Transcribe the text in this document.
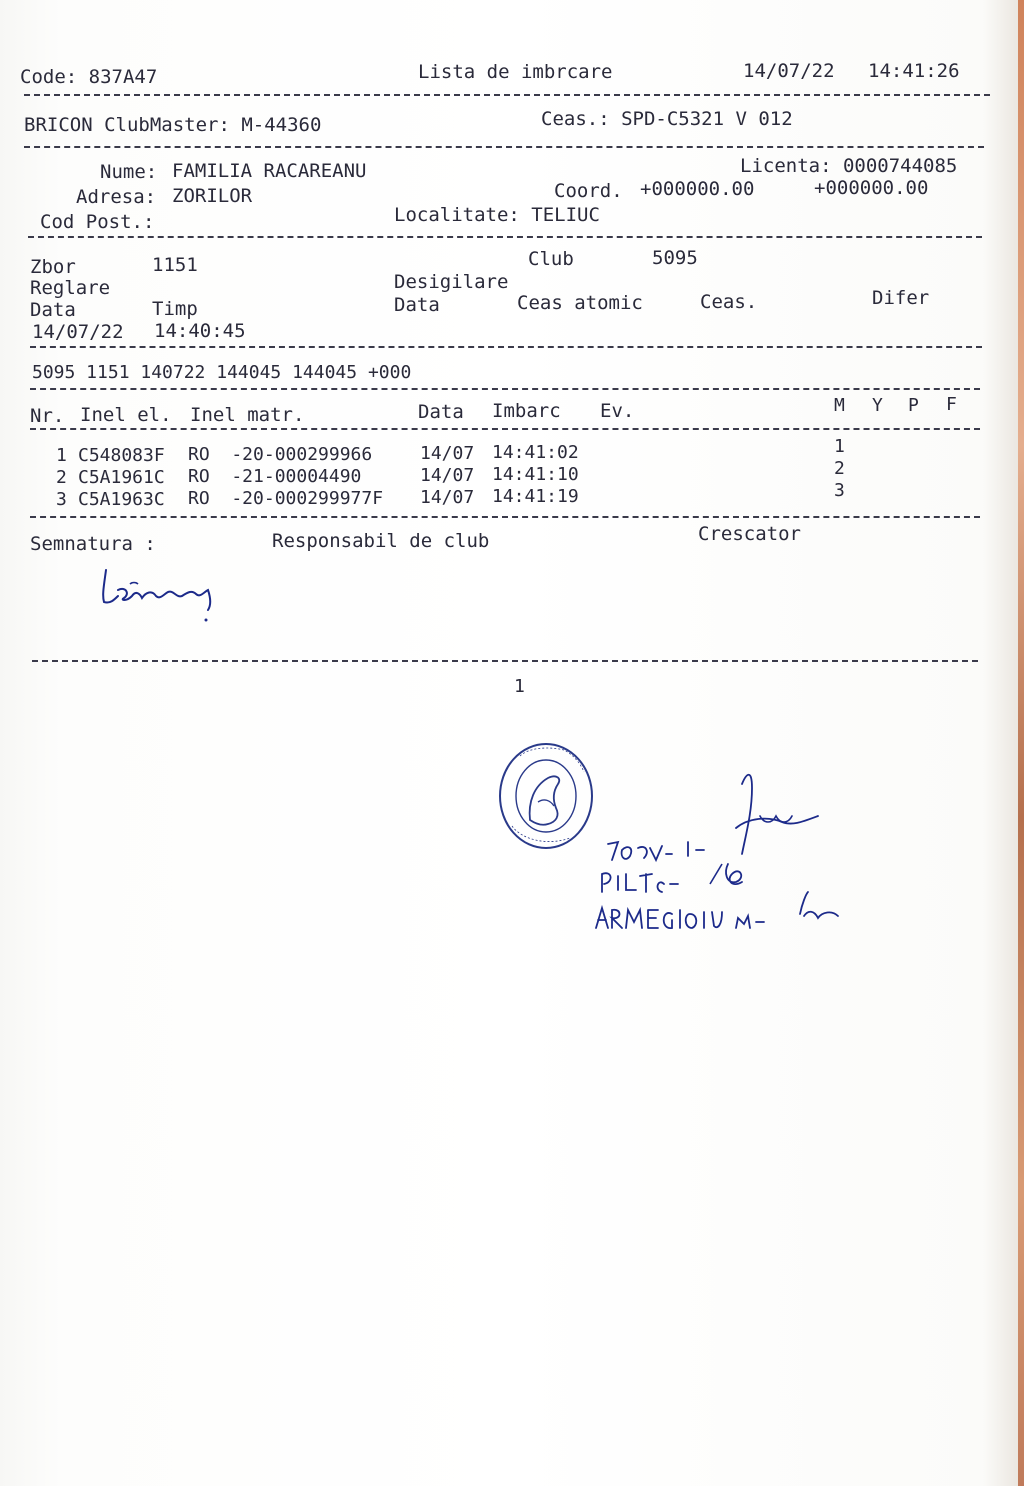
Code: 837A47	Lista de imbrcare	14/07/22 14:41:26
BRICON ClubMaster: M-44360	Ceas.: SPD-C5321 V 012
Nume: FAMILIA RACAREANU	Licenta: 0000744085
Adresa: ZORILOR	Coord. +000000.00	+000000.00
Cod Post.:	Localitate: TELIUC
Zbor	1151	Club	5095
Reglare	Desigilare
Data	Timp	Data	Ceas atomic	Ceas.	Difer
14/07/22 14:40:45
5095 1151 140722 144045 144045 +000
Nr. Inel el. Inel matr.	Data Imbarc Ev.	M Y P F
1 C548083F RO  -20-000299966	14/07 14:41:02	1
2 C5A1961C RO  -21-00004490	14/07 14:41:10	2
3 C5A1963C RO  -20-000299977F 14/07 14:41:19	3
Semnatura :	Responsabil de club	Crescator
1
